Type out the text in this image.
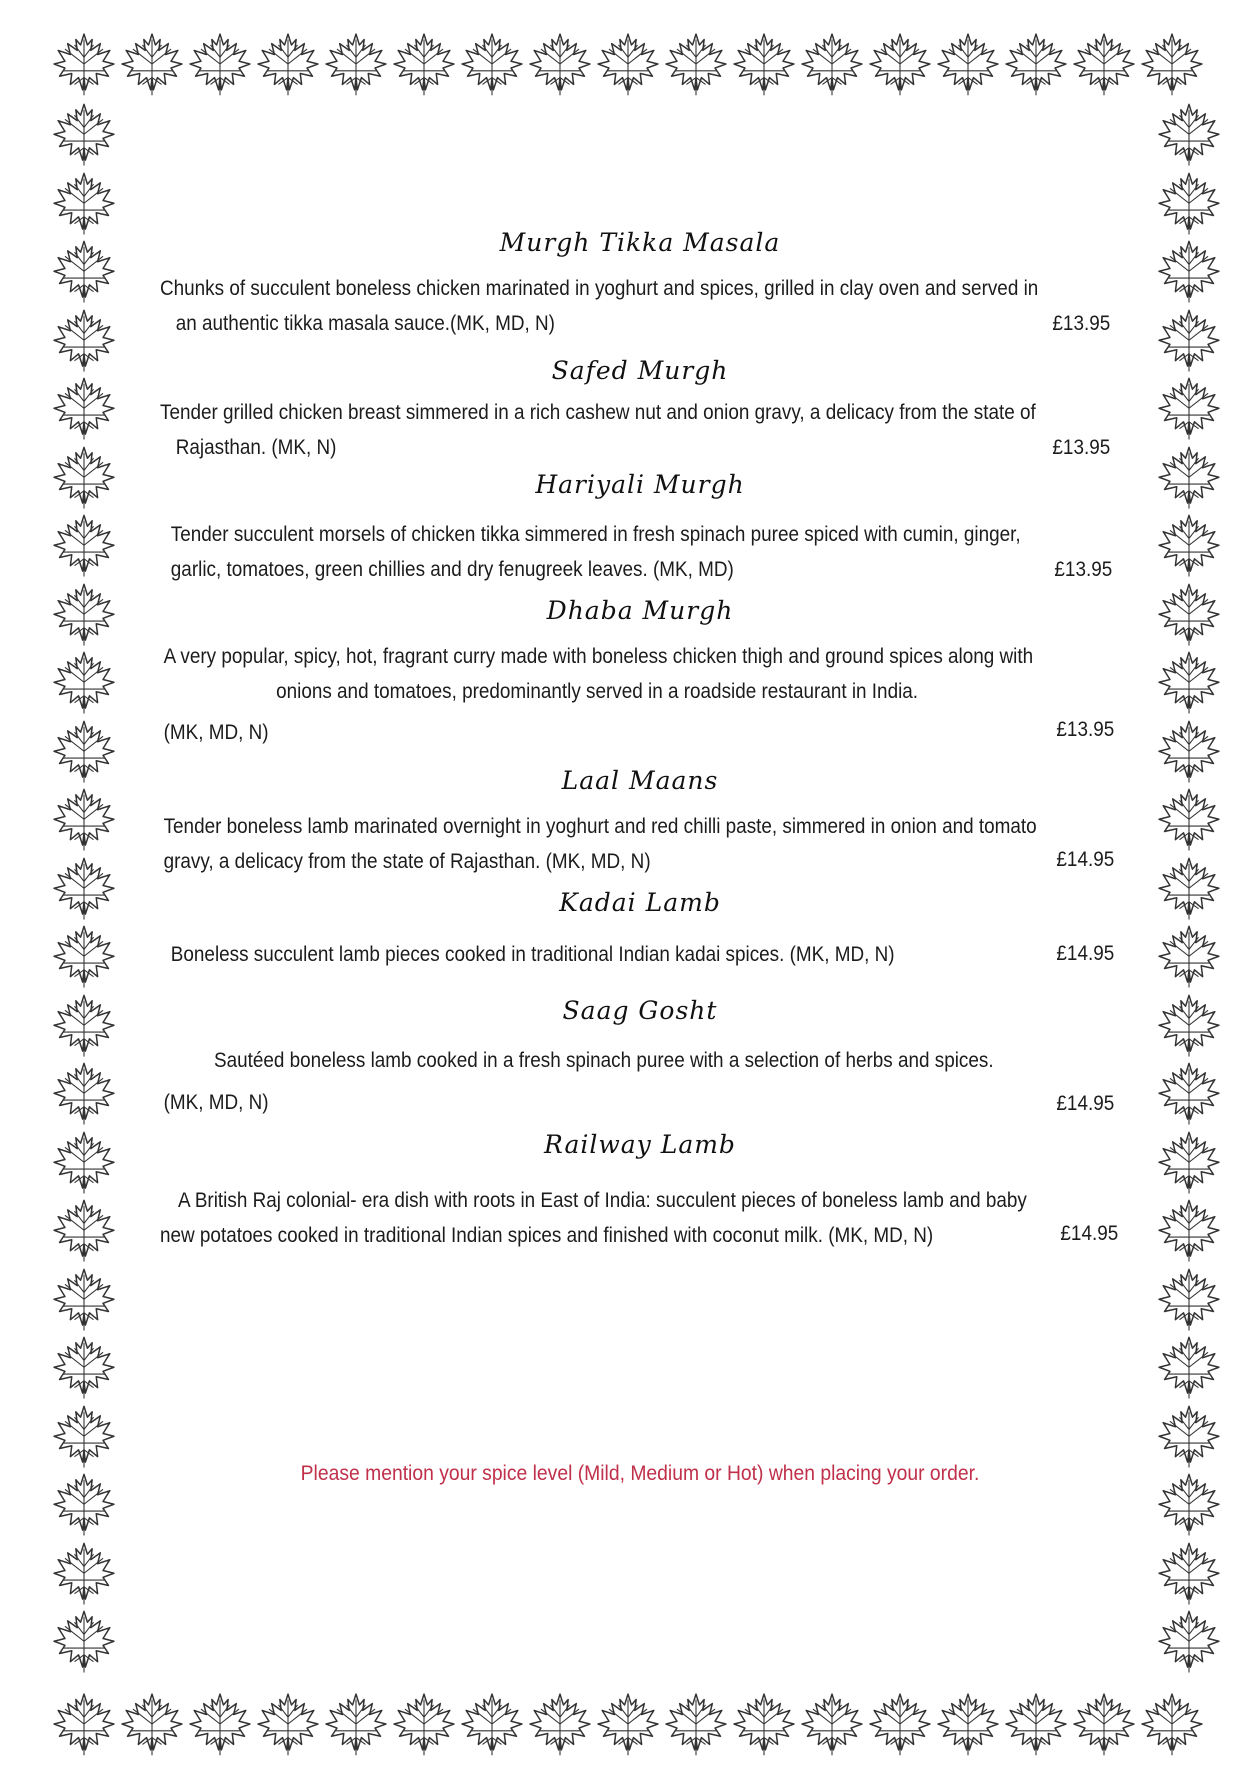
Murgh Tikka Masala

Chunks of succulent boneless chicken marinated in yoghurt and spices, grilled in clay oven and served in
an authentic tikka masala sauce.(MK, MD, N)	£13.95

Safed Murgh

Tender grilled chicken breast simmered in a rich cashew nut and onion gravy, a delicacy from the state of
Rajasthan. (MK, N)	£13.95

Hariyali Murgh

Tender succulent morsels of chicken tikka simmered in fresh spinach puree spiced with cumin, ginger,
garlic, tomatoes, green chillies and dry fenugreek leaves. (MK, MD)	£13.95

Dhaba Murgh

A very popular, spicy, hot, fragrant curry made with boneless chicken thigh and ground spices along with
onions and tomatoes, predominantly served in a roadside restaurant in India.
(MK, MD, N)	£13.95

Laal Maans

Tender boneless lamb marinated overnight in yoghurt and red chilli paste, simmered in onion and tomato
gravy, a delicacy from the state of Rajasthan. (MK, MD, N)	£14.95

Kadai Lamb

Boneless succulent lamb pieces cooked in traditional Indian kadai spices. (MK, MD, N)	£14.95

Saag Gosht

Sautéed boneless lamb cooked in a fresh spinach puree with a selection of herbs and spices.
(MK, MD, N)	£14.95

Railway Lamb

A British Raj colonial- era dish with roots in East of India: succulent pieces of boneless lamb and baby
new potatoes cooked in traditional Indian spices and finished with coconut milk. (MK, MD, N)	£14.95
Please mention your spice level (Mild, Medium or Hot) when placing your order.
